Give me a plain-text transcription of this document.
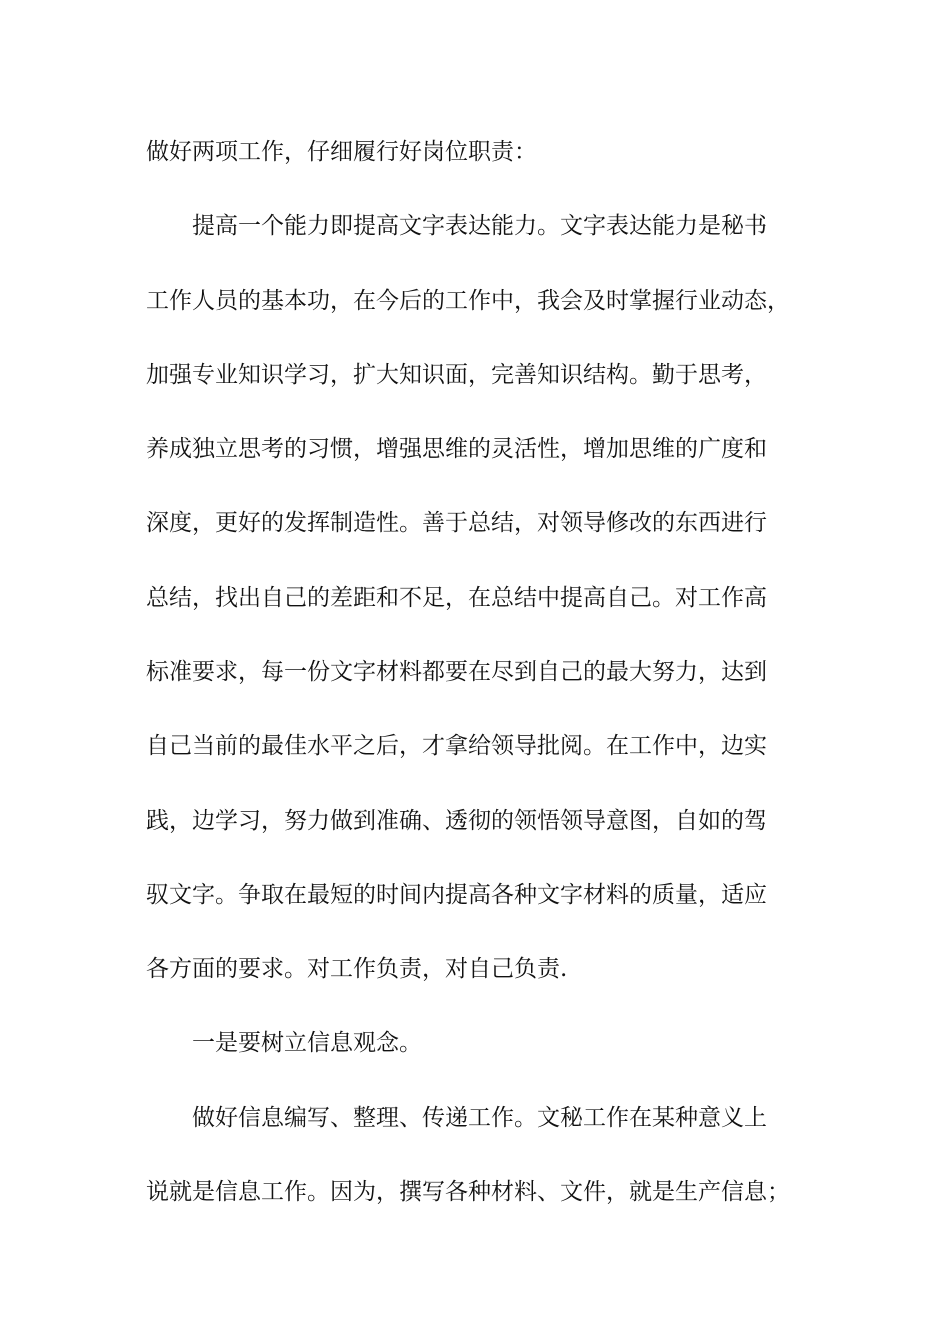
做好两项工作，仔细履行好岗位职责：
提高一个能力即提高文字表达能力。文字表达能力是秘书
工作人员的基本功，在今后的工作中，我会及时掌握行业动态，
加强专业知识学习，扩大知识面，完善知识结构。勤于思考，
养成独立思考的习惯，增强思维的灵活性，增加思维的广度和
深度，更好的发挥制造性。善于总结，对领导修改的东西进行
总结，找出自己的差距和不足，在总结中提高自己。对工作高
标准要求，每一份文字材料都要在尽到自己的最大努力，达到
自己当前的最佳水平之后，才拿给领导批阅。在工作中，边实
践，边学习，努力做到准确、透彻的领悟领导意图，自如的驾
驭文字。争取在最短的时间内提高各种文字材料的质量，适应
各方面的要求。对工作负责，对自己负责.
一是要树立信息观念。
做好信息编写、整理、传递工作。文秘工作在某种意义上
说就是信息工作。因为，撰写各种材料、文件，就是生产信息；
